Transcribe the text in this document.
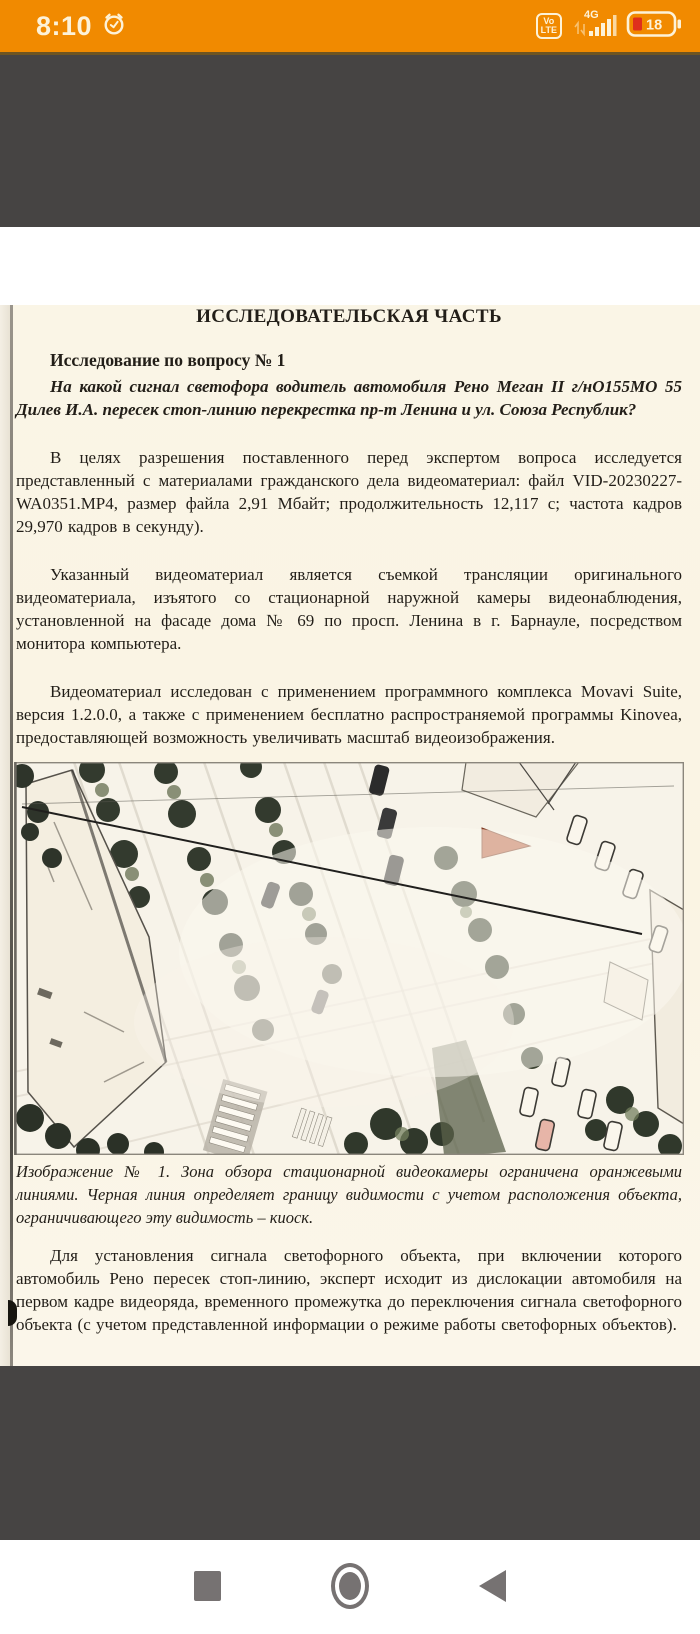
8:10	Vo
LTE
4G
18
ИССЛЕДОВАТЕЛЬСКАЯ ЧАСТЬ
Исследование по вопросу № 1
На какой сигнал светофора водитель автомобиля Рено Меган II г/нО155МО 55 Дилев И.А. пересек стоп-линию перекрестка пр-т Ленина и ул. Союза Республик?
В целях разрешения поставленного перед экспертом вопроса исследуется представленный с материалами гражданского дела видеоматериал: файл VID-20230227-WA0351.MP4, размер файла 2,91 Мбайт; продолжительность 12,117 с; частота кадров 29,970 кадров в секунду).
Указанный видеоматериал является съемкой трансляции оригинального видеоматериала, изъятого со стационарной наружной камеры видеонаблюдения, установленной на фасаде дома № 69 по просп. Ленина в г. Барнауле, посредством монитора компьютера.
Видеоматериал исследован с применением программного комплекса Movavi Suite, версия 1.2.0.0, а также с применением бесплатно распространяемой программы Kinovea, предоставляющей возможность увеличивать масштаб видеоизображения.
Изображение № 1. Зона обзора стационарной видеокамеры ограничена оранжевыми линиями. Черная линия определяет границу видимости с учетом расположения объекта, ограничивающего эту видимость – киоск.
Для установления сигнала светофорного объекта, при включении которого автомобиль Рено пересек стоп-линию, эксперт исходит из дислокации автомобиля на первом кадре видеоряда, временного промежутка до переключения сигнала светофорного объекта (с учетом представленной информации о режиме работы светофорных объектов).
